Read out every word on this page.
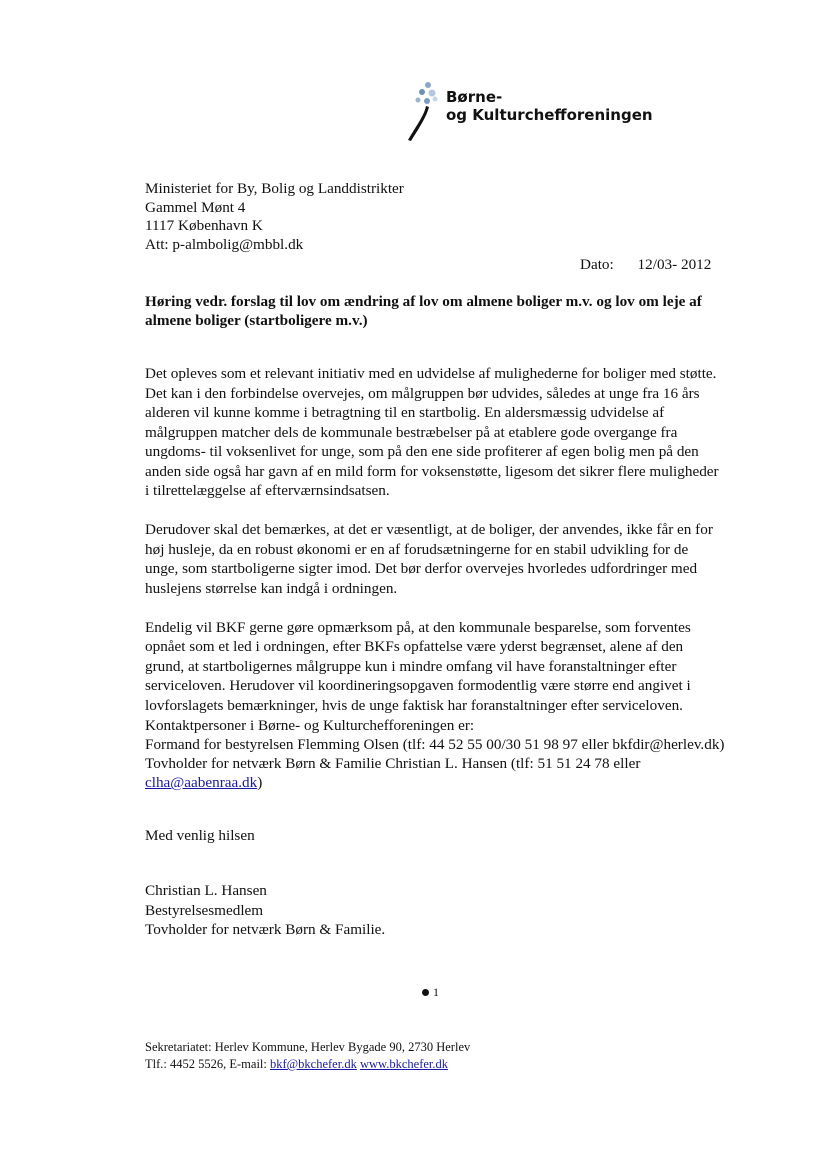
Børne-
og Kulturchefforeningen
Ministeriet for By, Bolig og Landdistrikter
Gammel Mønt 4
1117 København K
Att: p-almbolig@mbbl.dk
Dato: 12/03- 2012
Høring vedr. forslag til lov om ændring af lov om almene boliger m.v. og lov om leje af almene boliger (startboligere m.v.)

Det opleves som et relevant initiativ med en udvidelse af mulighederne for boliger med støtte. Det kan i den forbindelse overvejes, om målgruppen bør udvides, således at unge fra 16 års alderen vil kunne komme i betragtning til en startbolig. En aldersmæssig udvidelse af målgruppen matcher dels de kommunale bestræbelser på at etablere gode overgange fra ungdoms- til voksenlivet for unge, som på den ene side profiterer af egen bolig men på den anden side også har gavn af en mild form for voksenstøtte, ligesom det sikrer flere muligheder i tilrettelæggelse af efterværnsindsatsen.

Derudover skal det bemærkes, at det er væsentligt, at de boliger, der anvendes, ikke får en for høj husleje, da en robust økonomi er en af forudsætningerne for en stabil udvikling for de unge, som startboligerne sigter imod. Det bør derfor overvejes hvorledes udfordringer med huslejens størrelse kan indgå i ordningen.

Endelig vil BKF gerne gøre opmærksom på, at den kommunale besparelse, som forventes opnået som et led i ordningen, efter BKFs opfattelse være yderst begrænset, alene af den grund, at startboligernes målgruppe kun i mindre omfang vil have foranstaltninger efter serviceloven. Herudover vil koordineringsopgaven formodentlig være større end angivet i lovforslagets bemærkninger, hvis de unge faktisk har foranstaltninger efter serviceloven.

Kontaktpersoner i Børne- og Kulturchefforeningen er:
Formand for bestyrelsen Flemming Olsen (tlf: 44 52 55 00/30 51 98 97 eller bkfdir@herlev.dk)
Tovholder for netværk Børn & Familie Christian L. Hansen (tlf: 51 51 24 78 eller
clha@aabenraa.dk)
Med venlig hilsen
Christian L. Hansen
Bestyrelsesmedlem
Tovholder for netværk Børn & Familie.
1
Sekretariatet: Herlev Kommune, Herlev Bygade 90, 2730 Herlev
Tlf.: 4452 5526, E-mail: bkf@bkchefer.dk www.bkchefer.dk
